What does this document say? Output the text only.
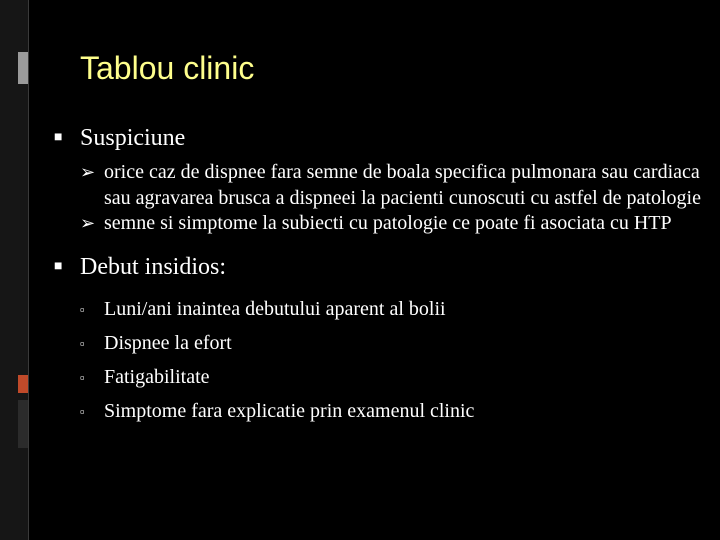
Tablou clinic
■ Suspiciune
➢ orice caz de dispnee fara semne de boala specifica pulmonara sau cardiaca sau agravarea brusca a dispneei la pacienti cunoscuti cu astfel de patologie
➢ semne si simptome la subiecti cu patologie ce poate fi asociata cu HTP
■ Debut insidios:
▫ Luni/ani inaintea debutului aparent al bolii
▫ Dispnee la efort
▫ Fatigabilitate
▫ Simptome fara explicatie prin examenul clinic
